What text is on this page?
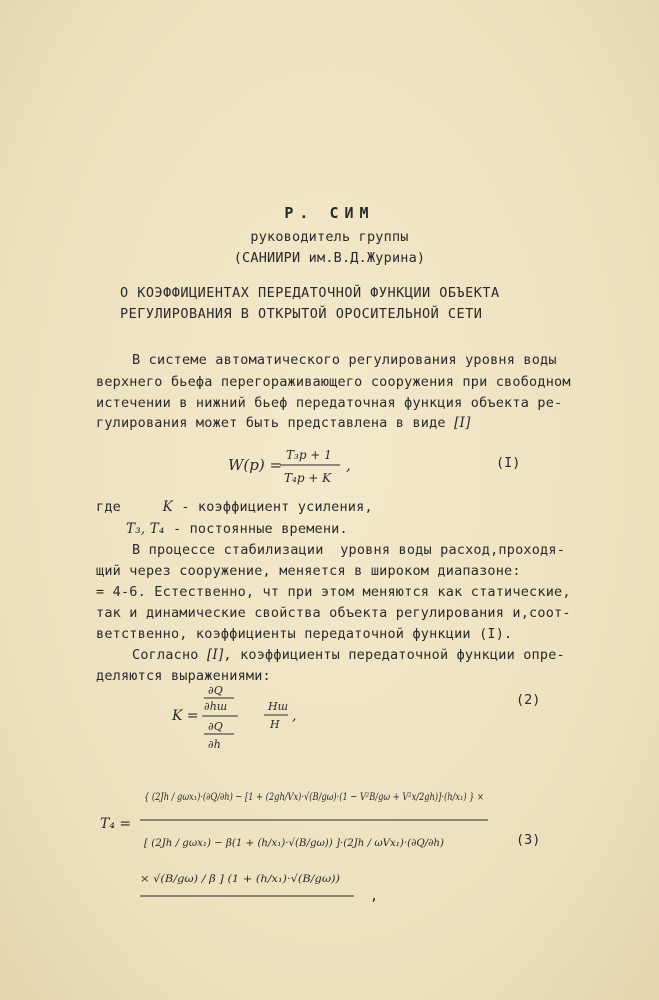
Р. СИМ
руководитель группы
(САНИИРИ им.В.Д.Журина)
О КОЭФФИЦИЕНТАХ ПЕРЕДАТОЧНОЙ ФУНКЦИИ ОБЪЕКТА
РЕГУЛИРОВАНИЯ В ОТКРЫТОЙ ОРОСИТЕЛЬНОЙ СЕТИ
В системе автоматического регулирования уровня воды
верхнего бьефа перегораживающего сооружения при свободном
истечении в нижний бьеф передаточная функция объекта ре-
гулирования может быть представлена в виде [I]
W(p) =
T₃p + 1
T₄p + K
,	(I)
где	K - коэффициент усиления,
T₃, T₄ - постоянные времени.
В процессе стабилизации  уровня воды расход,проходя-
щий через сооружение, меняется в широком диапазоне:
= 4-6. Естественно, чт при этом меняются как статические,
так и динамические свойства объекта регулирования и,соот-
ветственно, коэффициенты передаточной функции (I).
Согласно [I], коэффициенты передаточной функции опре-
деляются выражениями:
K =
∂Q
∂hш
∂Q
∂h
Hш
H
,
(2)
T₄ =
{ (2Jh / gωx₁)·(∂Q/∂h) − [1 + (2gh/Vx)·√(B/gω)·(1 − V²B/gω + V²x/2gh)]·(h/x₁) } ×
[ (2Jh / gωx₁) − β(1 + (h/x₁)·√(B/gω)) ]·(2Jh / ωVx₁)·(∂Q/∂h)
× √(B/gω) / β ] (1 + (h/x₁)·√(B/gω))
(3)
,
